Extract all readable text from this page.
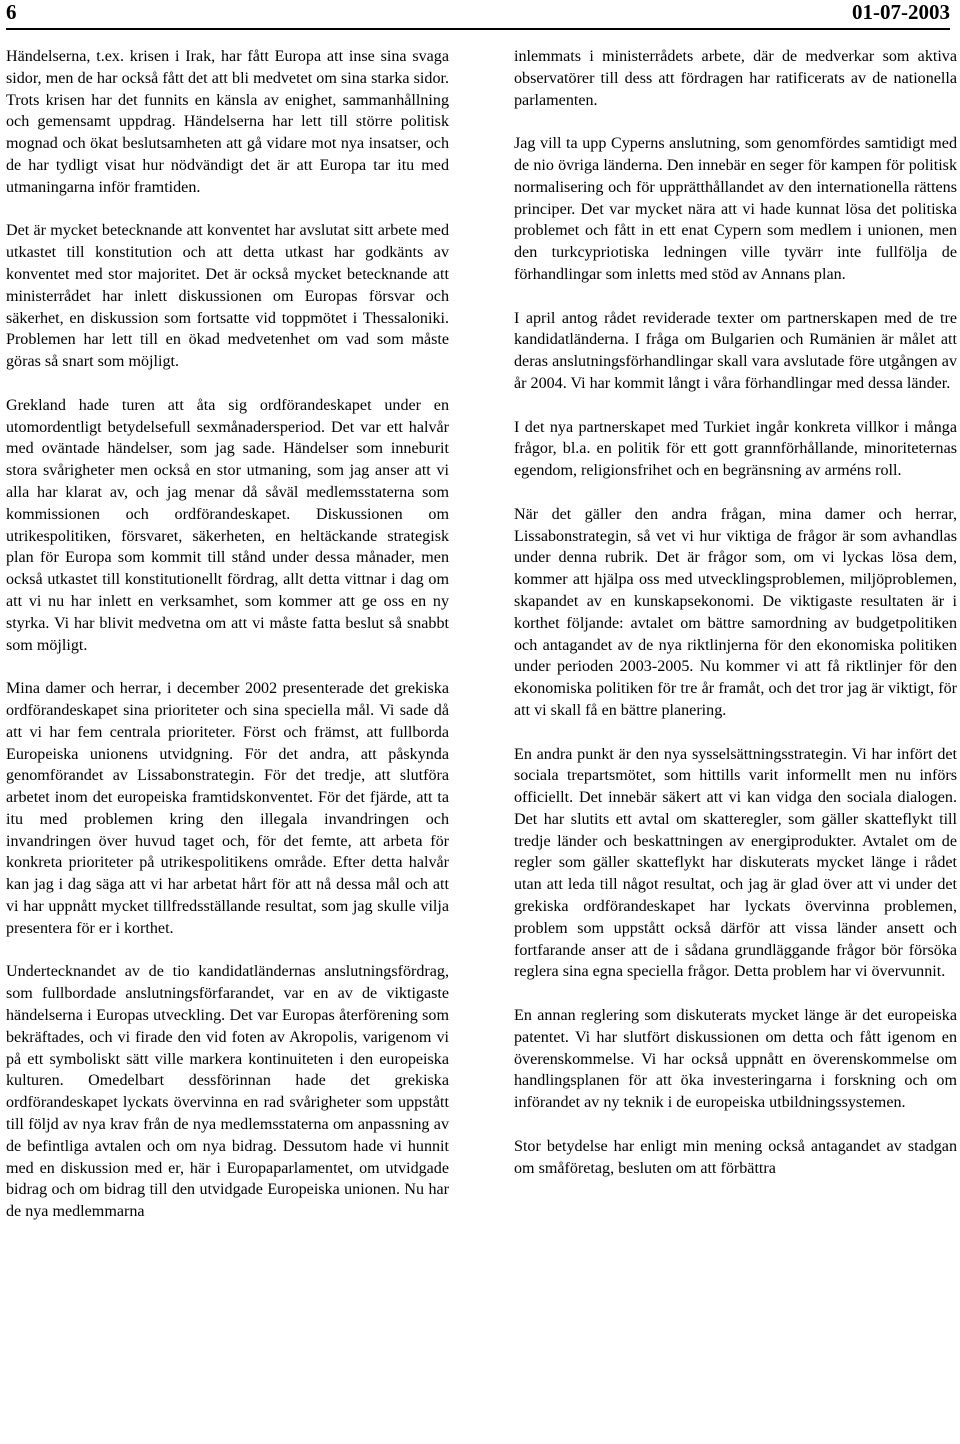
6	01-07-2003

Händelserna, t.ex. krisen i Irak, har fått Europa att inse sina svaga sidor, men de har också fått det att bli medvetet om sina starka sidor. Trots krisen har det funnits en känsla av enighet, sammanhållning och gemensamt uppdrag. Händelserna har lett till större politisk mognad och ökat beslutsamheten att gå vidare mot nya insatser, och de har tydligt visat hur nödvändigt det är att Europa tar itu med utmaningarna inför framtiden.

Det är mycket betecknande att konventet har avslutat sitt arbete med utkastet till konstitution och att detta utkast har godkänts av konventet med stor majoritet. Det är också mycket betecknande att ministerrådet har inlett diskussionen om Europas försvar och säkerhet, en diskussion som fortsatte vid toppmötet i Thessaloniki. Problemen har lett till en ökad medvetenhet om vad som måste göras så snart som möjligt.

Grekland hade turen att åta sig ordförandeskapet under en utomordentligt betydelsefull sexmånadersperiod. Det var ett halvår med oväntade händelser, som jag sade. Händelser som inneburit stora svårigheter men också en stor utmaning, som jag anser att vi alla har klarat av, och jag menar då såväl medlemsstaterna som kommissionen och ordförandeskapet. Diskussionen om utrikespolitiken, försvaret, säkerheten, en heltäckande strategisk plan för Europa som kommit till stånd under dessa månader, men också utkastet till konstitutionellt fördrag, allt detta vittnar i dag om att vi nu har inlett en verksamhet, som kommer att ge oss en ny styrka. Vi har blivit medvetna om att vi måste fatta beslut så snabbt som möjligt.

Mina damer och herrar, i december 2002 presenterade det grekiska ordförandeskapet sina prioriteter och sina speciella mål. Vi sade då att vi har fem centrala prioriteter. Först och främst, att fullborda Europeiska unionens utvidgning. För det andra, att påskynda genomförandet av Lissabonstrategin. För det tredje, att slutföra arbetet inom det europeiska framtidskonventet. För det fjärde, att ta itu med problemen kring den illegala invandringen och invandringen över huvud taget och, för det femte, att arbeta för konkreta prioriteter på utrikespolitikens område. Efter detta halvår kan jag i dag säga att vi har arbetat hårt för att nå dessa mål och att vi har uppnått mycket tillfredsställande resultat, som jag skulle vilja presentera för er i korthet.

Undertecknandet av de tio kandidatländernas anslutningsfördrag, som fullbordade anslutningsförfarandet, var en av de viktigaste händelserna i Europas utveckling. Det var Europas återförening som bekräftades, och vi firade den vid foten av Akropolis, varigenom vi på ett symboliskt sätt ville markera kontinuiteten i den europeiska kulturen. Omedelbart dessförinnan hade det grekiska ordförandeskapet lyckats övervinna en rad svårigheter som uppstått till följd av nya krav från de nya medlemsstaterna om anpassning av de befintliga avtalen och om nya bidrag. Dessutom hade vi hunnit med en diskussion med er, här i Europaparlamentet, om utvidgade bidrag och om bidrag till den utvidgade Europeiska unionen. Nu har de nya medlemmarna

inlemmats i ministerrådets arbete, där de medverkar som aktiva observatörer till dess att fördragen har ratificerats av de nationella parlamenten.

Jag vill ta upp Cyperns anslutning, som genomfördes samtidigt med de nio övriga länderna. Den innebär en seger för kampen för politisk normalisering och för upprätthållandet av den internationella rättens principer. Det var mycket nära att vi hade kunnat lösa det politiska problemet och fått in ett enat Cypern som medlem i unionen, men den turkcypriotiska ledningen ville tyvärr inte fullfölja de förhandlingar som inletts med stöd av Annans plan.

I april antog rådet reviderade texter om partnerskapen med de tre kandidatländerna. I fråga om Bulgarien och Rumänien är målet att deras anslutningsförhandlingar skall vara avslutade före utgången av år 2004. Vi har kommit långt i våra förhandlingar med dessa länder.

I det nya partnerskapet med Turkiet ingår konkreta villkor i många frågor, bl.a. en politik för ett gott grannförhållande, minoriteternas egendom, religionsfrihet och en begränsning av arméns roll.

När det gäller den andra frågan, mina damer och herrar, Lissabonstrategin, så vet vi hur viktiga de frågor är som avhandlas under denna rubrik. Det är frågor som, om vi lyckas lösa dem, kommer att hjälpa oss med utvecklingsproblemen, miljöproblemen, skapandet av en kunskapsekonomi. De viktigaste resultaten är i korthet följande: avtalet om bättre samordning av budgetpolitiken och antagandet av de nya riktlinjerna för den ekonomiska politiken under perioden 2003-2005. Nu kommer vi att få riktlinjer för den ekonomiska politiken för tre år framåt, och det tror jag är viktigt, för att vi skall få en bättre planering.

En andra punkt är den nya sysselsättningsstrategin. Vi har infört det sociala trepartsmötet, som hittills varit informellt men nu införs officiellt. Det innebär säkert att vi kan vidga den sociala dialogen. Det har slutits ett avtal om skatteregler, som gäller skatteflykt till tredje länder och beskattningen av energiprodukter. Avtalet om de regler som gäller skatteflykt har diskuterats mycket länge i rådet utan att leda till något resultat, och jag är glad över att vi under det grekiska ordförandeskapet har lyckats övervinna problemen, problem som uppstått också därför att vissa länder ansett och fortfarande anser att de i sådana grundläggande frågor bör försöka reglera sina egna speciella frågor. Detta problem har vi övervunnit.

En annan reglering som diskuterats mycket länge är det europeiska patentet. Vi har slutfört diskussionen om detta och fått igenom en överenskommelse. Vi har också uppnått en överenskommelse om handlingsplanen för att öka investeringarna i forskning och om införandet av ny teknik i de europeiska utbildningssystemen.

Stor betydelse har enligt min mening också antagandet av stadgan om småföretag, besluten om att förbättra
